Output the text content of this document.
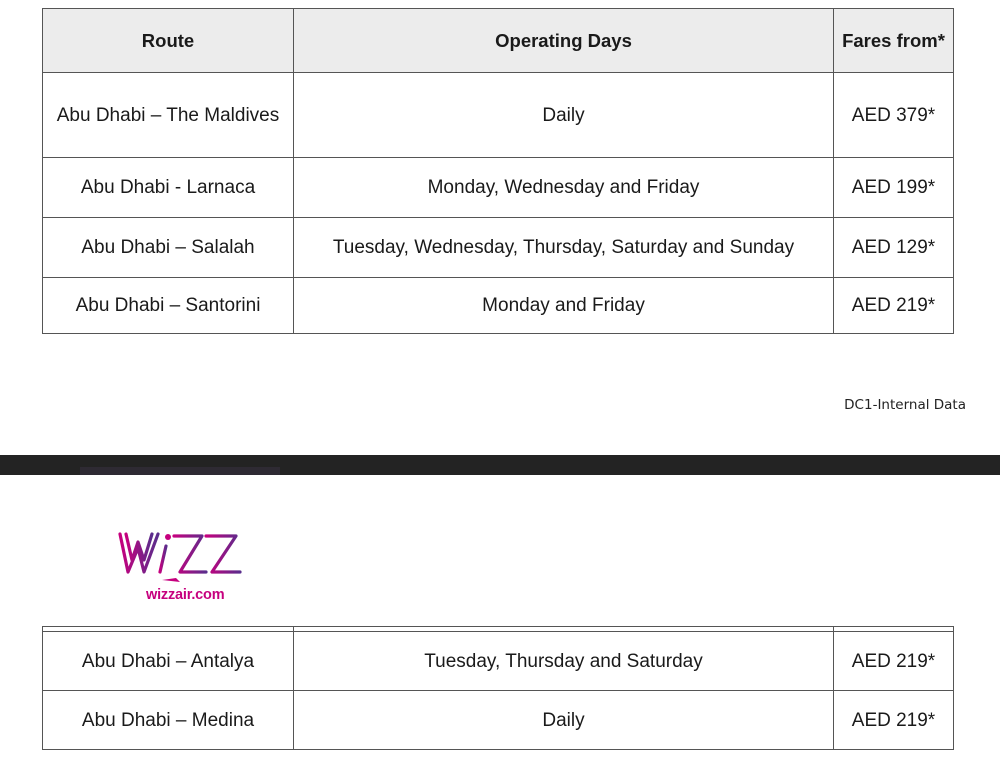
Route	Operating Days	Fares from*
Abu Dhabi – The Maldives	Daily	AED 379*
Abu Dhabi - Larnaca	Monday, Wednesday and Friday	AED 199*
Abu Dhabi – Salalah	Tuesday, Wednesday, Thursday, Saturday and Sunday	AED 129*
Abu Dhabi – Santorini	Monday and Friday	AED 219*
DC1-Internal Data
wizzair.com

Abu Dhabi – Antalya	Tuesday, Thursday and Saturday	AED 219*
Abu Dhabi – Medina	Daily	AED 219*
